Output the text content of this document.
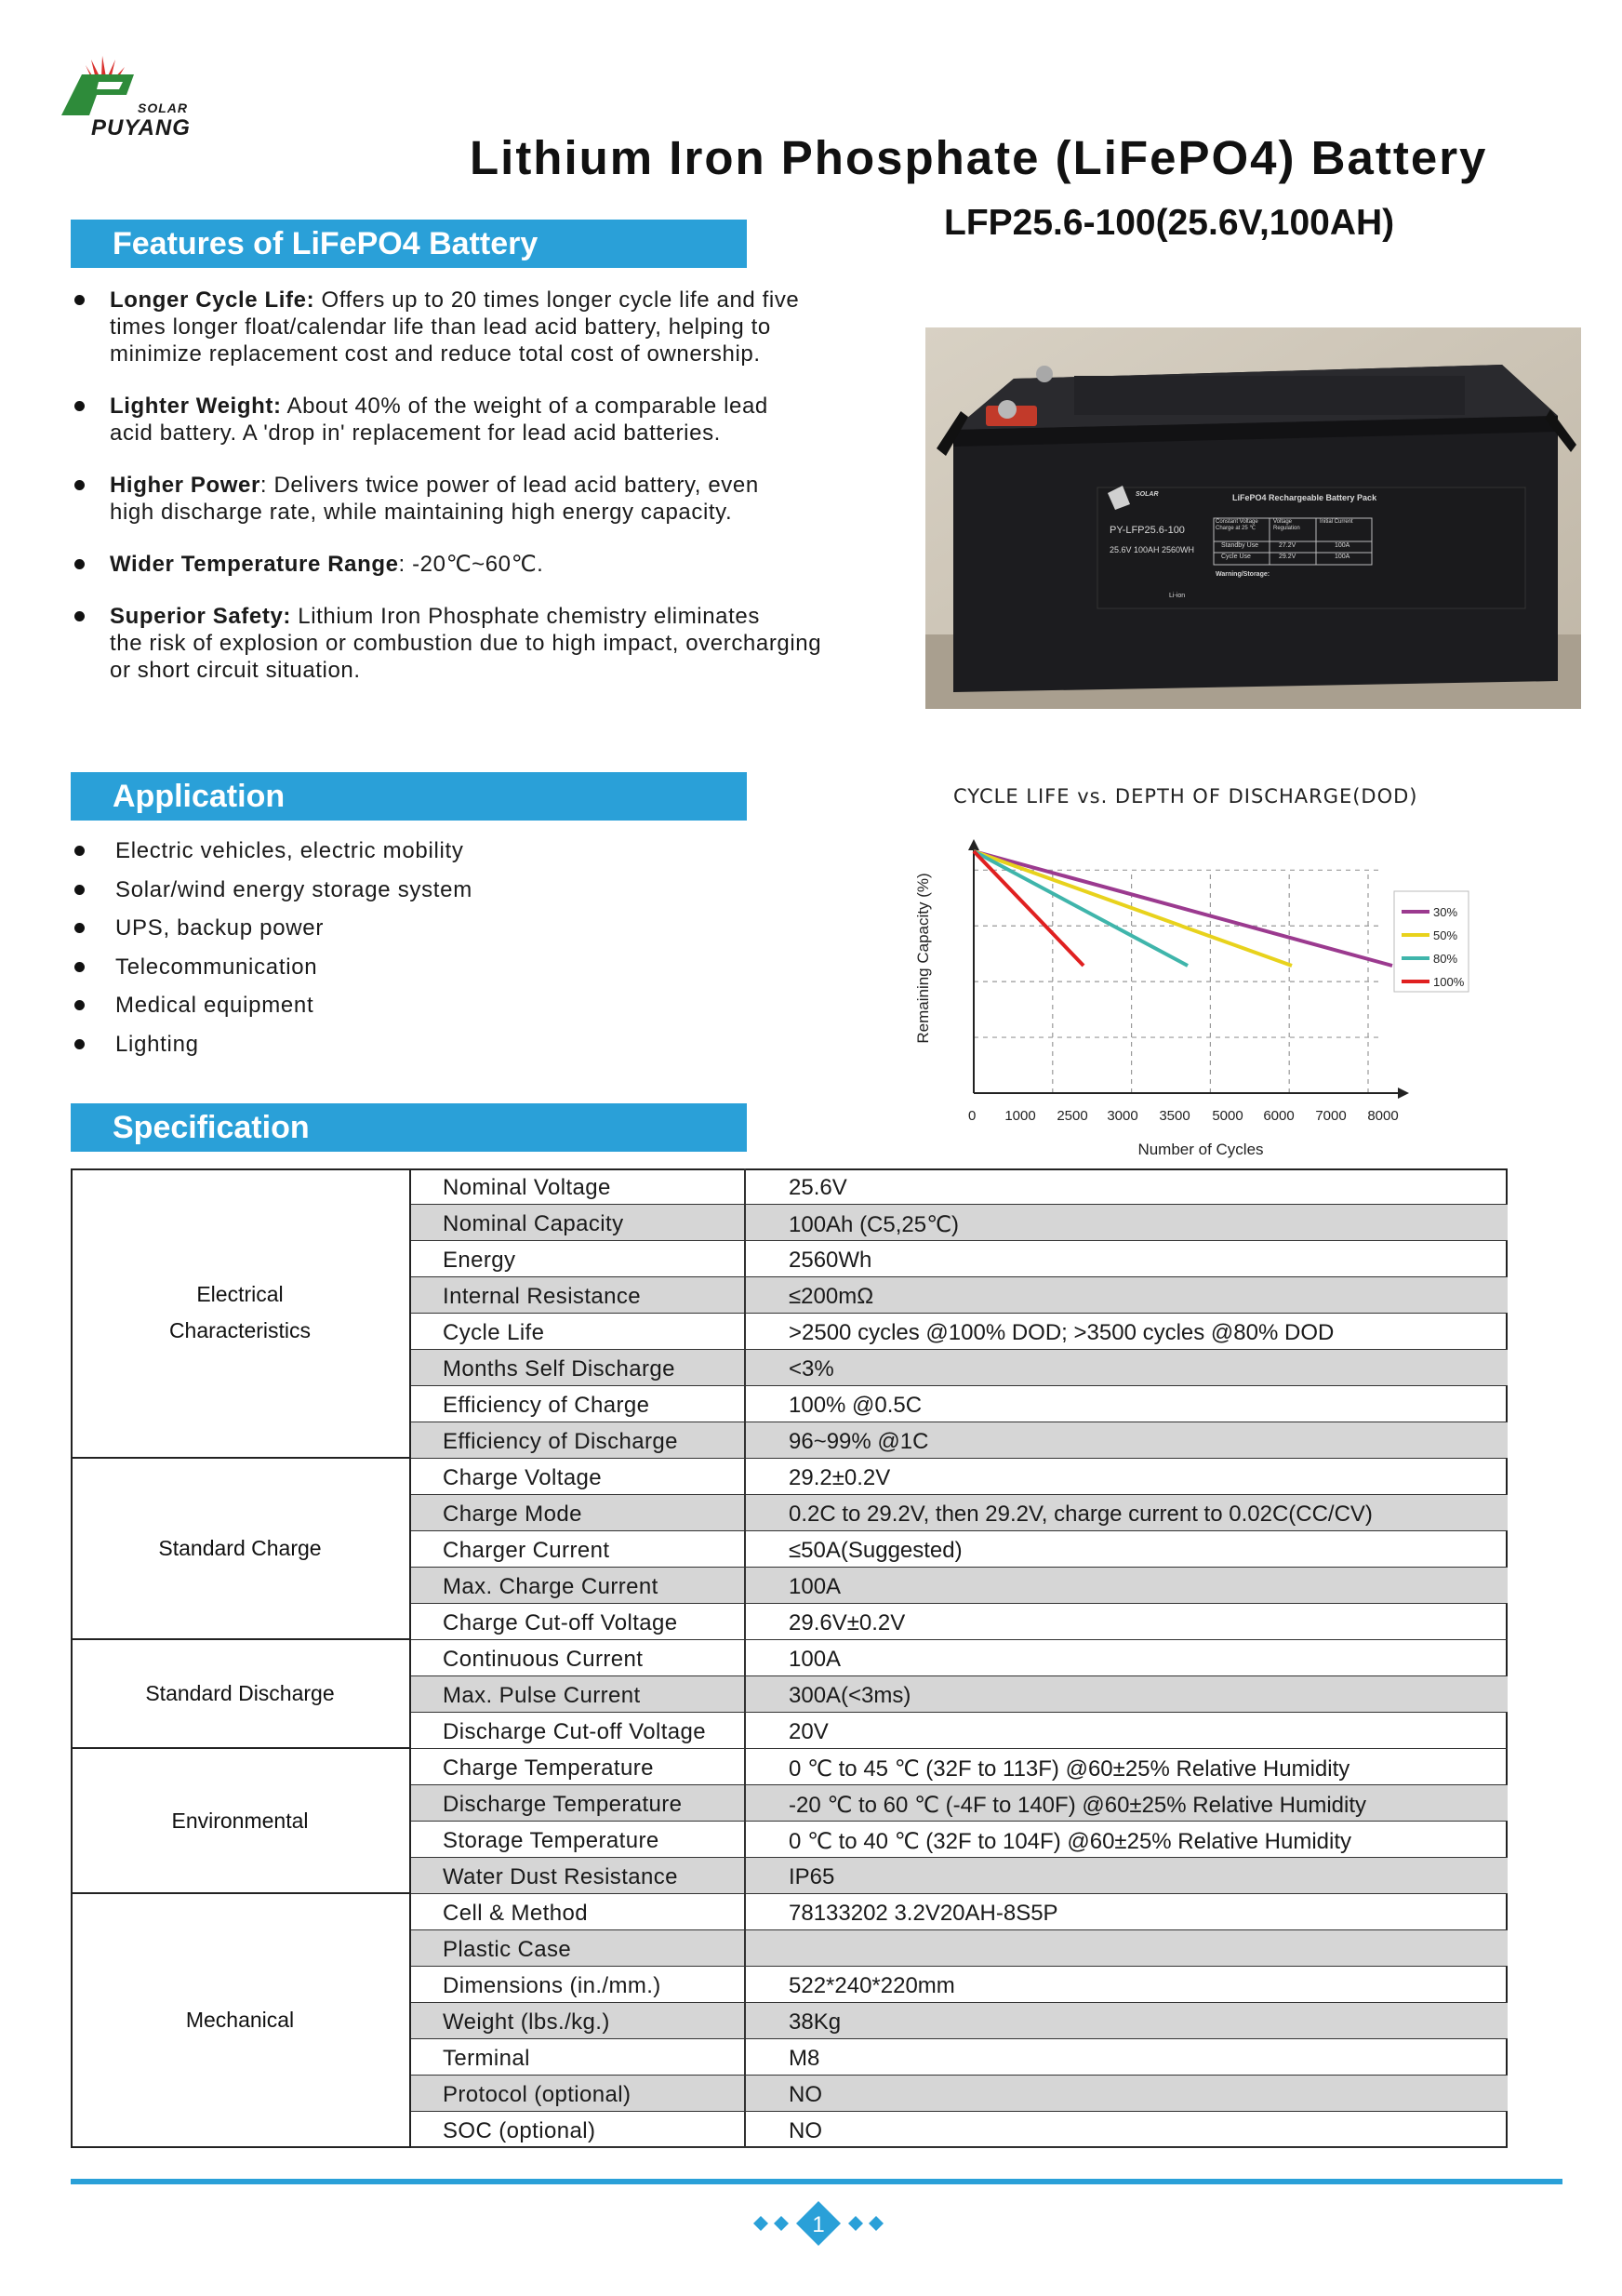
SOLAR
PUYANG
Lithium Iron Phosphate (LiFePO4) Battery
LFP25.6-100(25.6V,100AH)
Features of LiFePO4 Battery
Longer Cycle Life: Offers up to 20 times longer cycle life and five
times longer float/calendar life than lead acid battery, helping to
minimize replacement cost and reduce total cost of ownership.
Lighter Weight: About 40% of the weight of a comparable lead
acid battery. A 'drop in' replacement for lead acid batteries.
Higher Power: Delivers twice power of lead acid battery, even
high discharge rate, while maintaining high energy capacity.
Wider Temperature Range: -20℃~60℃.
Superior Safety: Lithium Iron Phosphate chemistry eliminates
the risk of explosion or combustion due to high impact, overcharging
or short circuit situation.
SOLAR	LiFePO4 Rechargeable Battery Pack
PY-LFP25.6-100
25.6V 100AH 2560WH
Constant Voltage Charge at 25 ℃
Voltage Regulation
Initial Current
Standby Use	27.2V	100A
Cycle Use	29.2V	100A
Warning/Storage:
Li-ion
Application
Electric vehicles, electric mobility
Solar/wind energy storage system
UPS, backup power
Telecommunication
Medical equipment
Lighting
CYCLE LIFE vs. DEPTH OF DISCHARGE(DOD)
0 1000 2500 3000 3500 5000 6000 7000 8000
Number of Cycles
Remaining Capacity (%)	30%
50%
80%
100%
Specification
Electrical
Characteristics
Nominal Voltage	25.6V
Nominal Capacity	100Ah (C5,25℃)
Energy	2560Wh
Internal Resistance	≤200mΩ
Cycle Life	>2500 cycles @100% DOD; >3500 cycles @80% DOD
Months Self Discharge	<3%
Efficiency of Charge	100% @0.5C
Efficiency of Discharge	96~99% @1C
Standard Charge
Charge Voltage	29.2±0.2V
Charge Mode	0.2C to 29.2V, then 29.2V, charge current to 0.02C(CC/CV)
Charger Current	≤50A(Suggested)
Max. Charge Current	100A
Charge Cut-off Voltage	29.6V±0.2V
Standard Discharge
Continuous Current	100A
Max. Pulse Current	300A(<3ms)
Discharge Cut-off Voltage	20V
Environmental
Charge Temperature	0 ℃ to 45 ℃ (32F to 113F) @60±25% Relative Humidity
Discharge Temperature	-20 ℃ to 60 ℃ (-4F to 140F) @60±25% Relative Humidity
Storage Temperature	0 ℃ to 40 ℃ (32F to 104F) @60±25% Relative Humidity
Water Dust Resistance	IP65
Mechanical
Cell & Method	78133202 3.2V20AH-8S5P
Plastic Case
Dimensions (in./mm.)	522*240*220mm
Weight (lbs./kg.)	38Kg
Terminal	M8
Protocol (optional)	NO
SOC (optional)	NO
1
